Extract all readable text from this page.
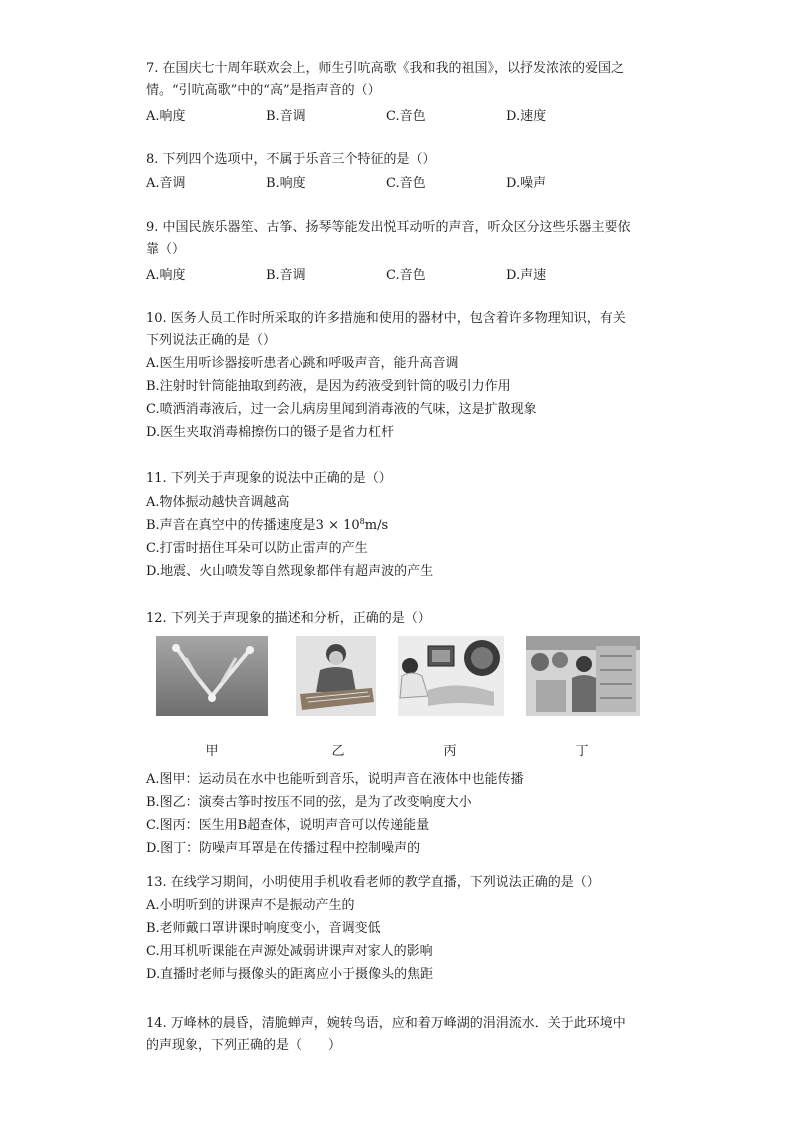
7. 在国庆七十周年联欢会上，师生引吭高歌《我和我的祖国》，以抒发浓浓的爱国之
情。“引吭高歌”中的“高”是指声音的（）
A.响度	B.音调	C.音色	D.速度
8. 下列四个选项中，不属于乐音三个特征的是（）
A.音调	B.响度	C.音色	D.噪声
9. 中国民族乐器笙、古筝、扬琴等能发出悦耳动听的声音，听众区分这些乐器主要依
靠（）
A.响度	B.音调	C.音色	D.声速
10. 医务人员工作时所采取的许多措施和使用的器材中，包含着许多物理知识，有关
下列说法正确的是（）
A.医生用听诊器接听患者心跳和呼吸声音，能升高音调
B.注射时针筒能抽取到药液，是因为药液受到针筒的吸引力作用
C.喷洒消毒液后，过一会儿病房里闻到消毒液的气味，这是扩散现象
D.医生夹取消毒棉擦伤口的镊子是省力杠杆
11. 下列关于声现象的说法中正确的是（）
A.物体振动越快音调越高
B.声音在真空中的传播速度是$3 \times 10^8m/s$
C.打雷时捂住耳朵可以防止雷声的产生
D.地震、火山喷发等自然现象都伴有超声波的产生
12. 下列关于声现象的描述和分析，正确的是（）
甲	乙	丙	丁
A.图甲：运动员在水中也能听到音乐，说明声音在液体中也能传播
B.图乙：演奏古筝时按压不同的弦，是为了改变响度大小
C.图丙：医生用B超查体，说明声音可以传递能量
D.图丁：防噪声耳罩是在传播过程中控制噪声的
13. 在线学习期间，小明使用手机收看老师的教学直播，下列说法正确的是（）
A.小明听到的讲课声不是振动产生的
B.老师戴口罩讲课时响度变小，音调变低
C.用耳机听课能在声源处减弱讲课声对家人的影响
D.直播时老师与摄像头的距离应小于摄像头的焦距
14. 万峰林的晨昏，清脆蝉声，婉转鸟语，应和着万峰湖的涓涓流水．关于此环境中
的声现象，下列正确的是（　　）
